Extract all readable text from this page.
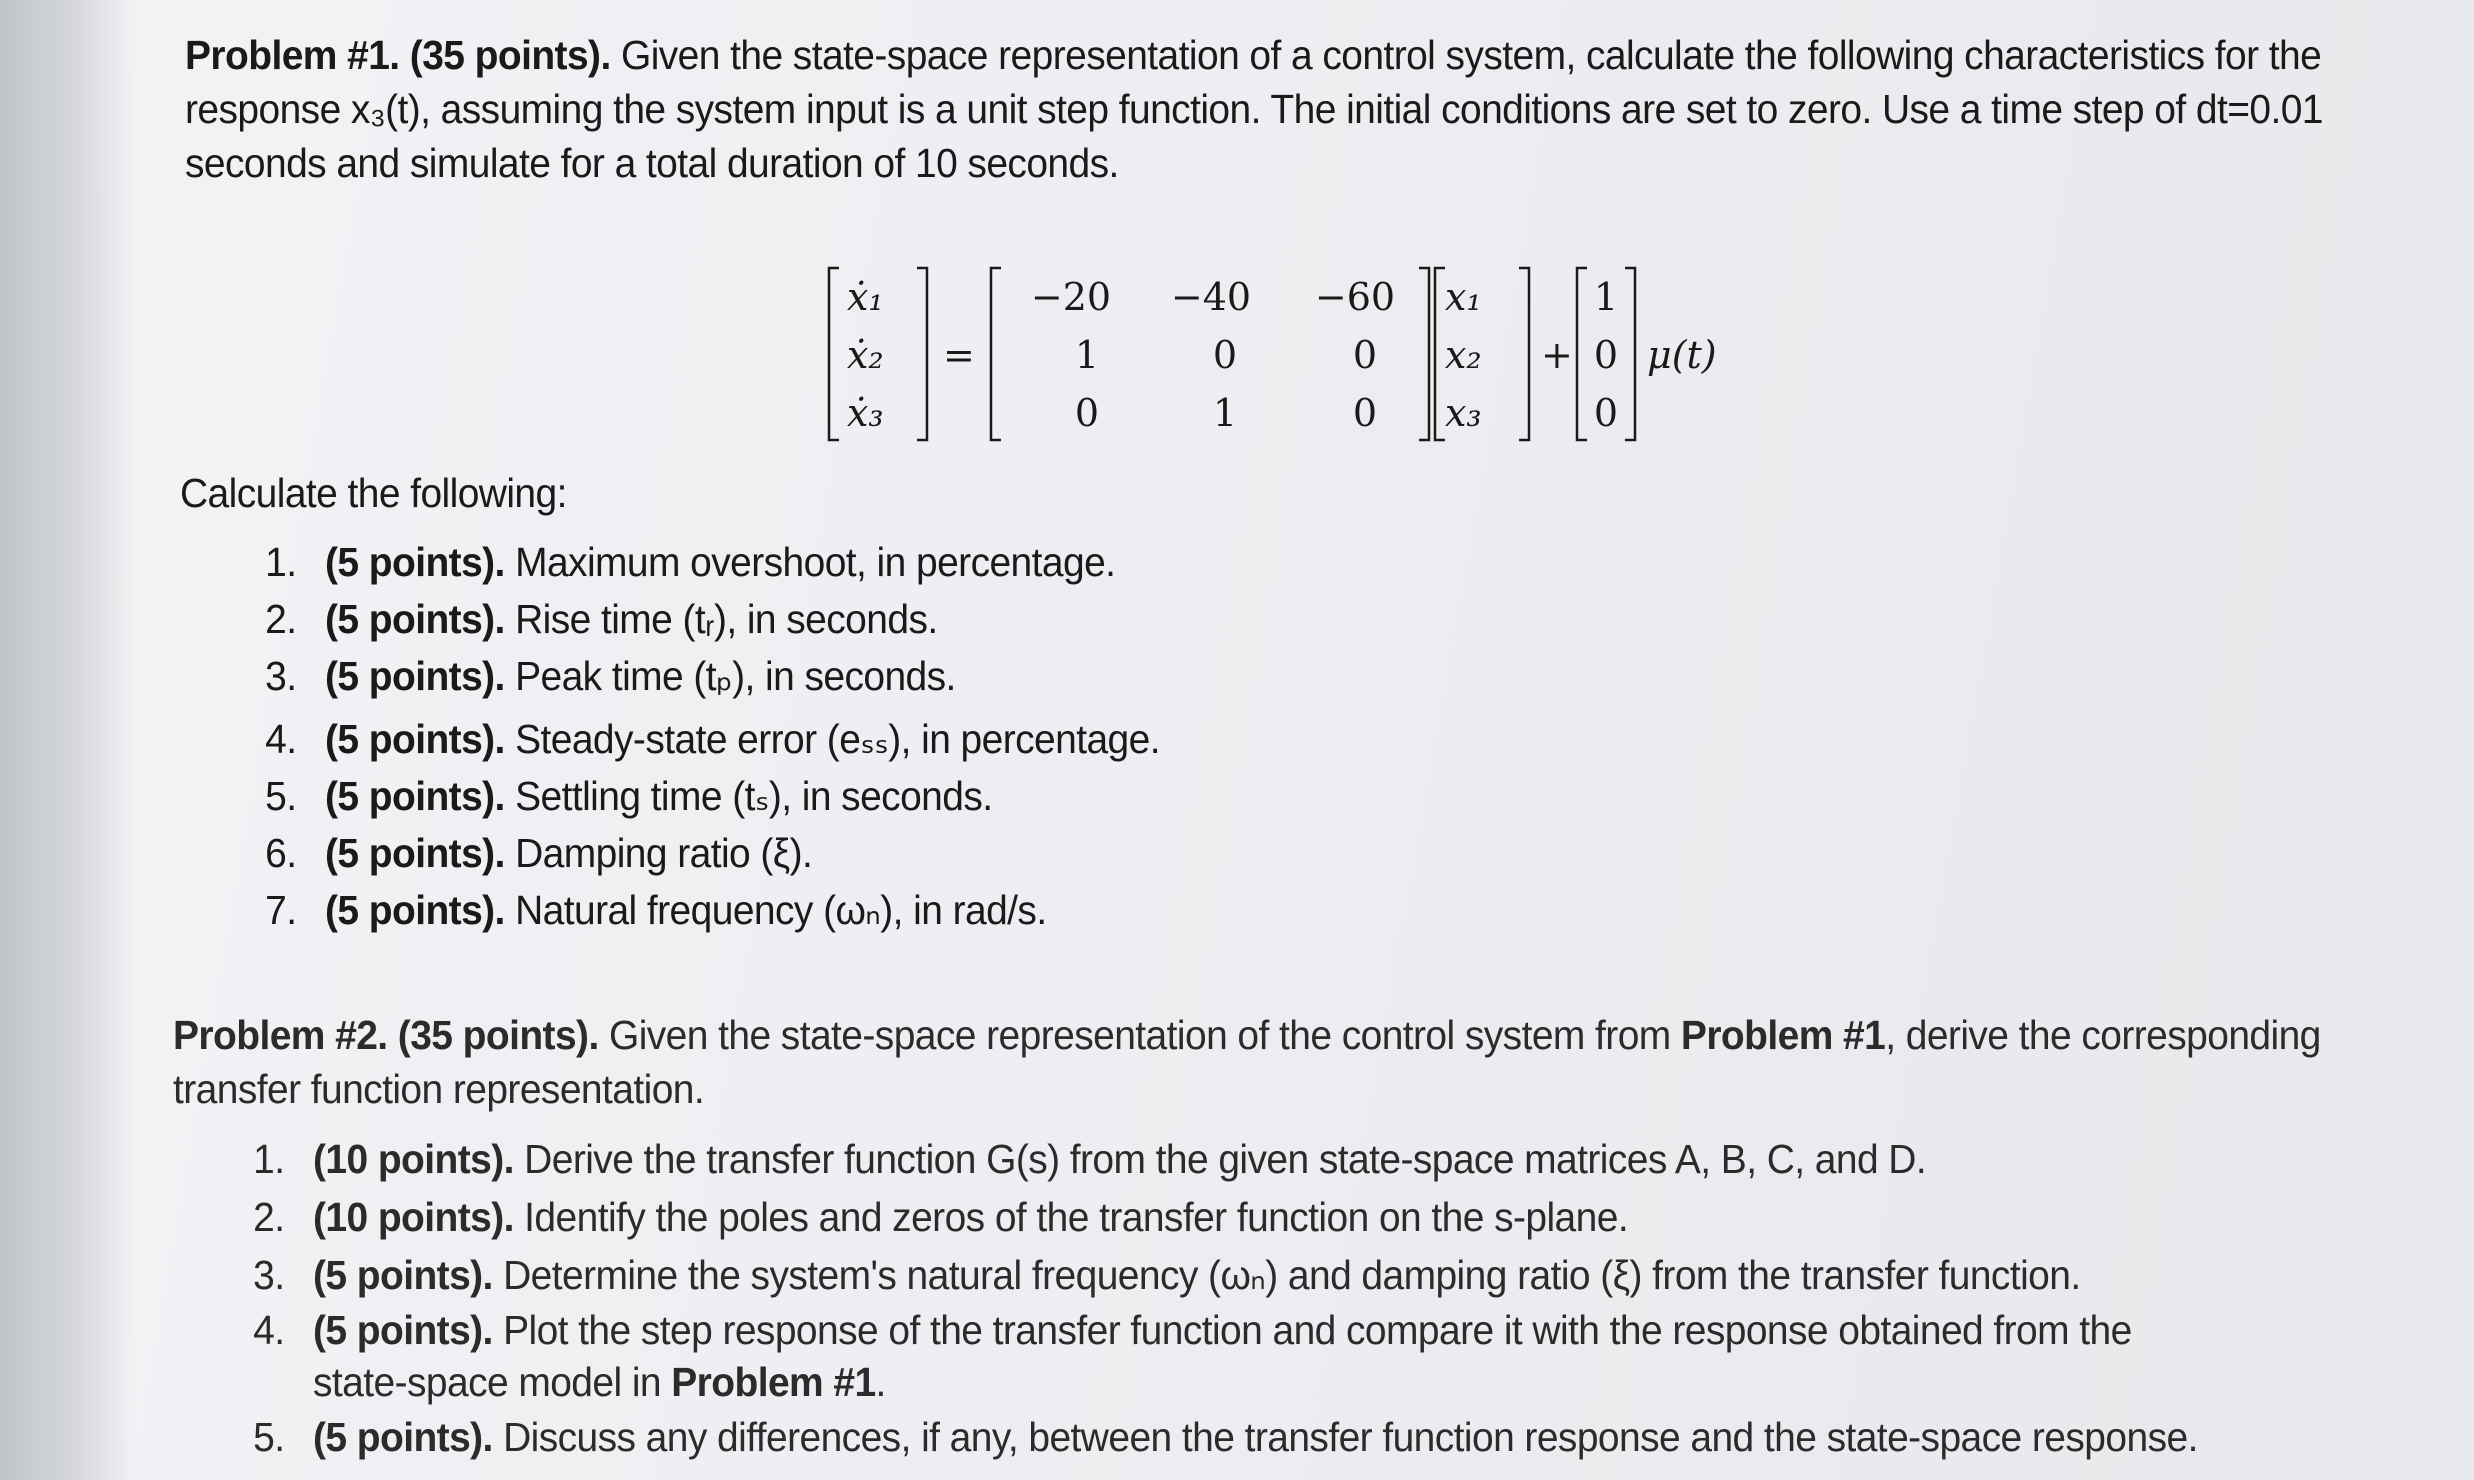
Problem #1. (35 points). Given the state-space representation of a control system, calculate the following characteristics for the response x₃(t), assuming the system input is a unit step function. The initial conditions are set to zero. Use a time step of dt=0.01 seconds and simulate for a total duration of 10 seconds.

ẋ₁
ẋ₂
ẋ₃
=
−20 −40 −60
1	0	0
0	1	0
x₁
x₂
x₃
+
1
0
0
μ(t)

Calculate the following:

1. (5 points). Maximum overshoot, in percentage.
2. (5 points). Rise time (tᵣ), in seconds.
3. (5 points). Peak time (tₚ), in seconds.
4. (5 points). Steady-state error (eₛₛ), in percentage.
5. (5 points). Settling time (tₛ), in seconds.
6. (5 points). Damping ratio (ξ).
7. (5 points). Natural frequency (ωₙ), in rad/s.

Problem #2. (35 points). Given the state-space representation of the control system from Problem #1, derive the corresponding transfer function representation.

1. (10 points). Derive the transfer function G(s) from the given state-space matrices A, B, C, and D.
2. (10 points). Identify the poles and zeros of the transfer function on the s-plane.
3. (5 points). Determine the system's natural frequency (ωₙ) and damping ratio (ξ) from the transfer function.
4. (5 points). Plot the step response of the transfer function and compare it with the response obtained from the state-space model in Problem #1.
5. (5 points). Discuss any differences, if any, between the transfer function response and the state-space response.
